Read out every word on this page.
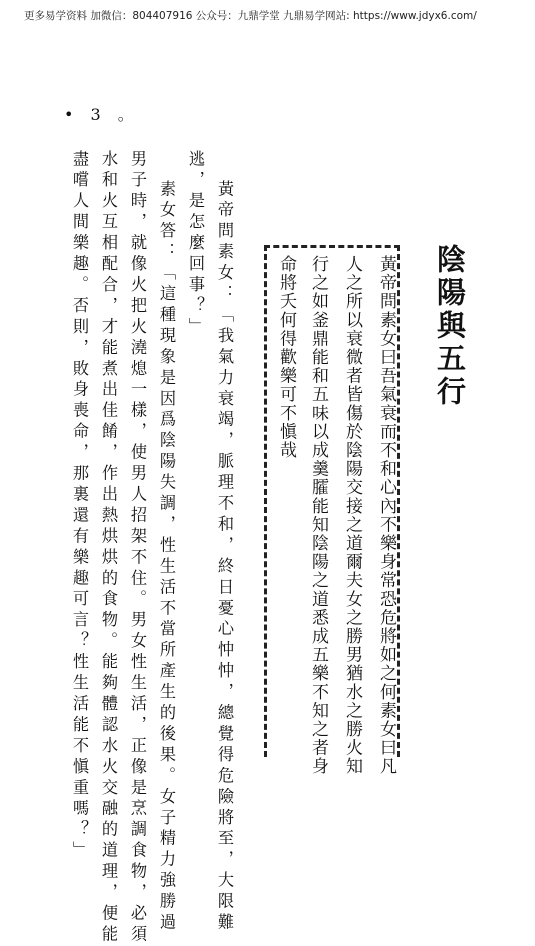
更多易学资料 加微信：804407916 公众号：九鼎学堂 九鼎易学网站: https://www.jdyx6.com/
• 3 。
陰陽與五行
黃帝問素女曰吾氣衰而不和心內不樂身常恐危將如之何素女曰凡
人之所以衰微者皆傷於陰陽交接之道爾夫女之勝男猶水之勝火知
行之如釜鼎能和五味以成羹臛能知陰陽之道悉成五樂不知之者身
命將夭何得歡樂可不愼哉
黃帝問素女：「我氣力衰竭，脈理不和，終日憂心忡忡，總覺得危險將至，大限難
逃，是怎麼回事？」
素女答：「這種現象是因爲陰陽失調，性生活不當所產生的後果。女子精力強勝過
男子時，就像火把火澆熄一樣，使男人招架不住。男女性生活，正像是烹調食物，必須
水和火互相配合，才能煮出佳餚，作出熱烘烘的食物。能夠體認水火交融的道理，便能
盡嚐人間樂趣。否則，敗身喪命，那裏還有樂趣可言？性生活能不愼重嗎？」
